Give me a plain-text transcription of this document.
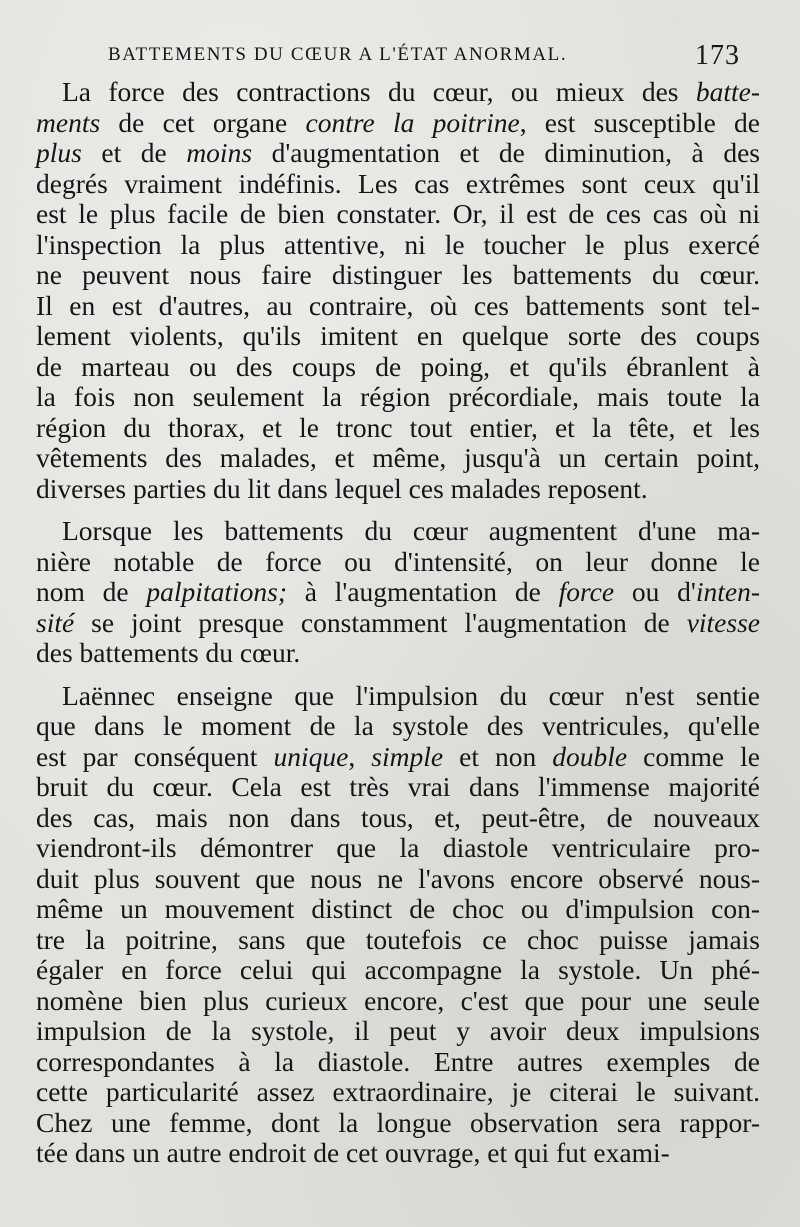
BATTEMENTS DU CŒUR A L'ÉTAT ANORMAL.	173
La force des contractions du cœur, ou mieux des batte-
ments de cet organe contre la poitrine, est susceptible de
plus et de moins d'augmentation et de diminution, à des
degrés vraiment indéfinis. Les cas extrêmes sont ceux qu'il
est le plus facile de bien constater. Or, il est de ces cas où ni
l'inspection la plus attentive, ni le toucher le plus exercé
ne peuvent nous faire distinguer les battements du cœur.
Il en est d'autres, au contraire, où ces battements sont tel-
lement violents, qu'ils imitent en quelque sorte des coups
de marteau ou des coups de poing, et qu'ils ébranlent à
la fois non seulement la région précordiale, mais toute la
région du thorax, et le tronc tout entier, et la tête, et les
vêtements des malades, et même, jusqu'à un certain point,
diverses parties du lit dans lequel ces malades reposent.
Lorsque les battements du cœur augmentent d'une ma-
nière notable de force ou d'intensité, on leur donne le
nom de palpitations; à l'augmentation de force ou d'inten-
sité se joint presque constamment l'augmentation de vitesse
des battements du cœur.
Laënnec enseigne que l'impulsion du cœur n'est sentie
que dans le moment de la systole des ventricules, qu'elle
est par conséquent unique, simple et non double comme le
bruit du cœur. Cela est très vrai dans l'immense majorité
des cas, mais non dans tous, et, peut-être, de nouveaux
viendront-ils démontrer que la diastole ventriculaire pro-
duit plus souvent que nous ne l'avons encore observé nous-
même un mouvement distinct de choc ou d'impulsion con-
tre la poitrine, sans que toutefois ce choc puisse jamais
égaler en force celui qui accompagne la systole. Un phé-
nomène bien plus curieux encore, c'est que pour une seule
impulsion de la systole, il peut y avoir deux impulsions
correspondantes à la diastole. Entre autres exemples de
cette particularité assez extraordinaire, je citerai le suivant.
Chez une femme, dont la longue observation sera rappor-
tée dans un autre endroit de cet ouvrage, et qui fut exami-
